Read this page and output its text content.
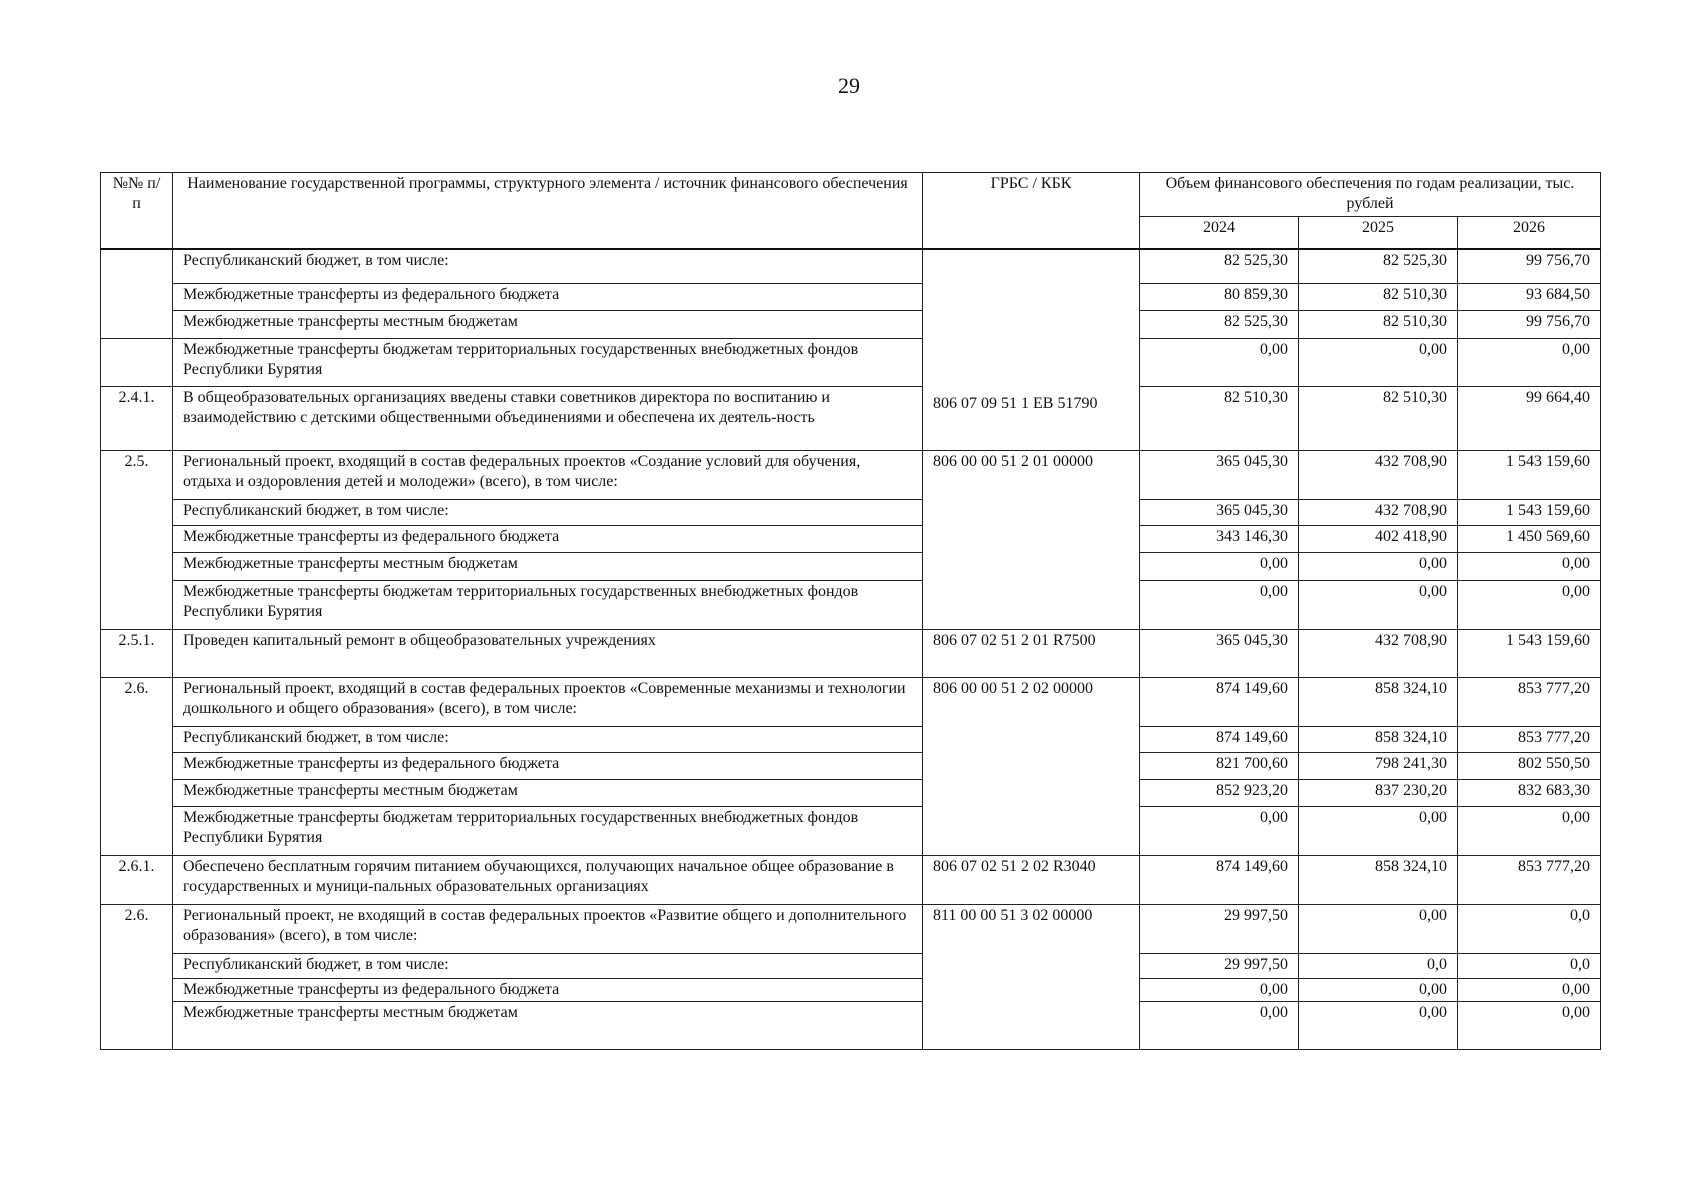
29
№№ п/п	Наименование государственной программы, структурного элемента / источник финансового обеспечения	ГРБС / КБК	Объем финансового обеспечения по годам реализации, тыс. рублей		
			2024	2025	2026
	Республиканский бюджет, в том числе:	806 07 09 51 1 EB 51790	82 525,30	82 525,30	99 756,70
	Межбюджетные трансферты из федерального бюджета		80 859,30	82 510,30	93 684,50
	Межбюджетные трансферты местным бюджетам		82 525,30	82 510,30	99 756,70
	Межбюджетные трансферты бюджетам территориальных государственных внебюджетных фондов Республики Бурятия		0,00	0,00	0,00
2.4.1.	В общеобразовательных организациях введены ставки советников директора по воспитанию и взаимодействию с детскими общественными объединениями и обеспечена их деятель-ность		82 510,30	82 510,30	99 664,40
2.5.	Региональный проект, входящий в состав федеральных проектов «Создание условий для обучения, отдыха и оздоровления детей и молодежи» (всего), в том числе:	806 00 00 51 2 01 00000	365 045,30	432 708,90	1 543 159,60
	Республиканский бюджет, в том числе:		365 045,30	432 708,90	1 543 159,60
	Межбюджетные трансферты из федерального бюджета		343 146,30	402 418,90	1 450 569,60
	Межбюджетные трансферты местным бюджетам		0,00	0,00	0,00
	Межбюджетные трансферты бюджетам территориальных государственных внебюджетных фондов Республики Бурятия		0,00	0,00	0,00
2.5.1.	Проведен капитальный ремонт в общеобразовательных учреждениях	806 07 02 51 2 01 R7500	365 045,30	432 708,90	1 543 159,60
2.6.	Региональный проект, входящий в состав федеральных проектов «Современные механизмы и технологии дошкольного и общего образования» (всего), в том числе:	806 00 00 51 2 02 00000	874 149,60	858 324,10	853 777,20
	Республиканский бюджет, в том числе:		874 149,60	858 324,10	853 777,20
	Межбюджетные трансферты из федерального бюджета		821 700,60	798 241,30	802 550,50
	Межбюджетные трансферты местным бюджетам		852 923,20	837 230,20	832 683,30
	Межбюджетные трансферты бюджетам территориальных государственных внебюджетных фондов Республики Бурятия		0,00	0,00	0,00
2.6.1.	Обеспечено бесплатным горячим питанием обучающихся, получающих начальное общее образование в государственных и муници-пальных образовательных организациях	806 07 02 51 2 02 R3040	874 149,60	858 324,10	853 777,20
2.6.	Региональный проект, не входящий в состав федеральных проектов «Развитие общего и дополнительного образования» (всего), в том числе:	811 00 00 51 3 02 00000	29 997,50	0,00	0,0
	Республиканский бюджет, в том числе:		29 997,50	0,0	0,0
	Межбюджетные трансферты из федерального бюджета		0,00	0,00	0,00
	Межбюджетные трансферты местным бюджетам		0,00	0,00	0,00
